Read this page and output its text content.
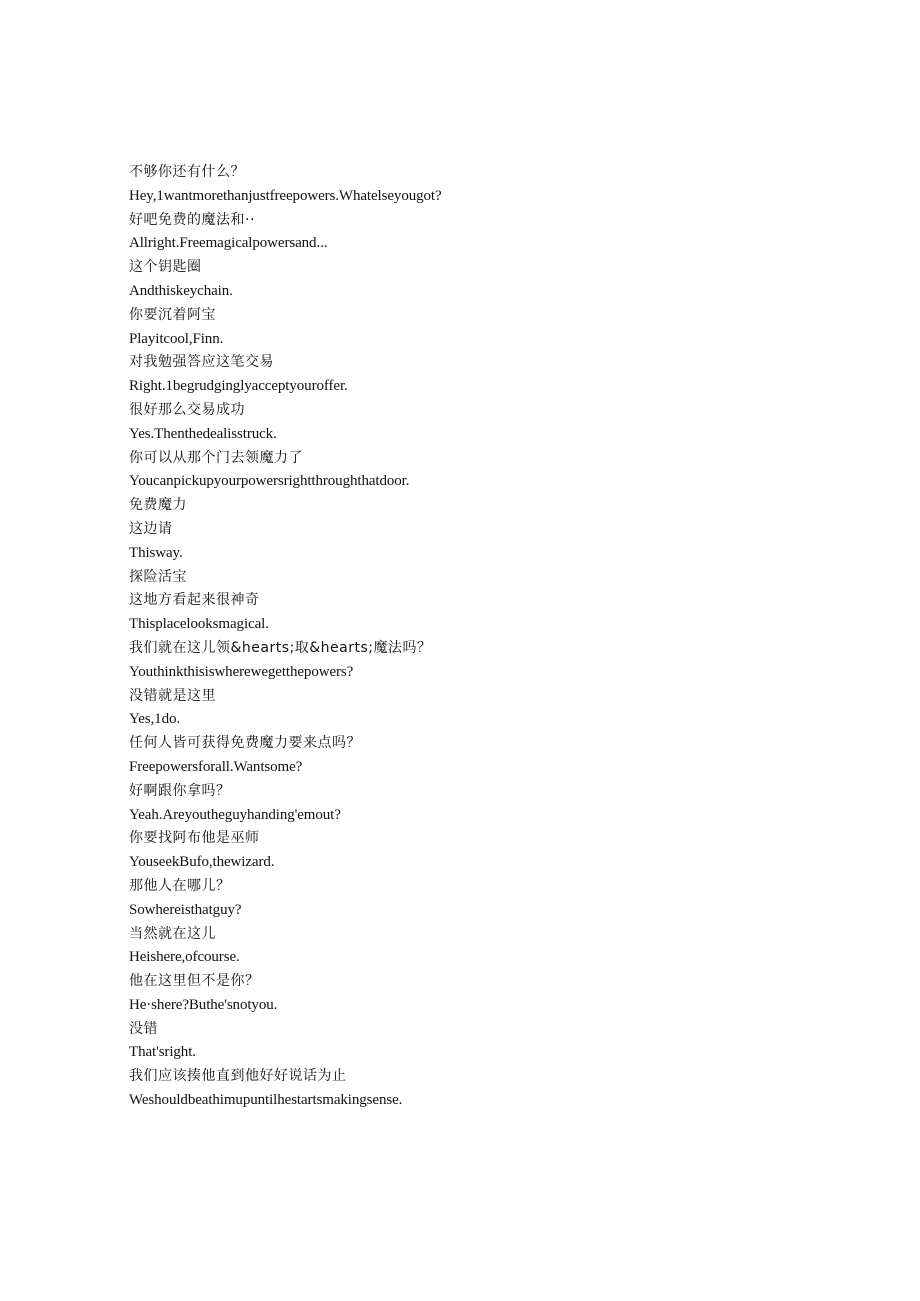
不够你还有什么？
Hey,1wantmorethanjustfreepowers.Whatelseyougot?
好吧免费的魔法和··
Allright.Freemagicalpowersand...
这个钥匙圈
Andthiskeychain.
你要沉着阿宝
Playitcool,Finn.
对我勉强答应这笔交易
Right.1begrudginglyacceptyouroffer.
很好那么交易成功
Yes.Thenthedealisstruck.
你可以从那个门去领魔力了
Youcanpickupyourpowersrightthroughthatdoor.
免费魔力
这边请
Thisway.
探险活宝
这地方看起来很神奇
Thisplacelooksmagical.
我们就在这儿领&hearts;取&hearts;魔法吗？
Youthinkthisiswherewegetthepowers?
没错就是这里
Yes,1do.
任何人皆可获得免费魔力要来点吗？
Freepowersforall.Wantsome?
好啊跟你拿吗？
Yeah.Areyoutheguyhanding'emout?
你要找阿布他是巫师
YouseekBufo,thewizard.
那他人在哪儿？
Sowhereisthatguy?
当然就在这儿
Heishere,ofcourse.
他在这里但不是你？
He·shere?Buthe'snotyou.
没错
That'sright.
我们应该揍他直到他好好说话为止
Weshouldbeathimupuntilhestartsmakingsense.
